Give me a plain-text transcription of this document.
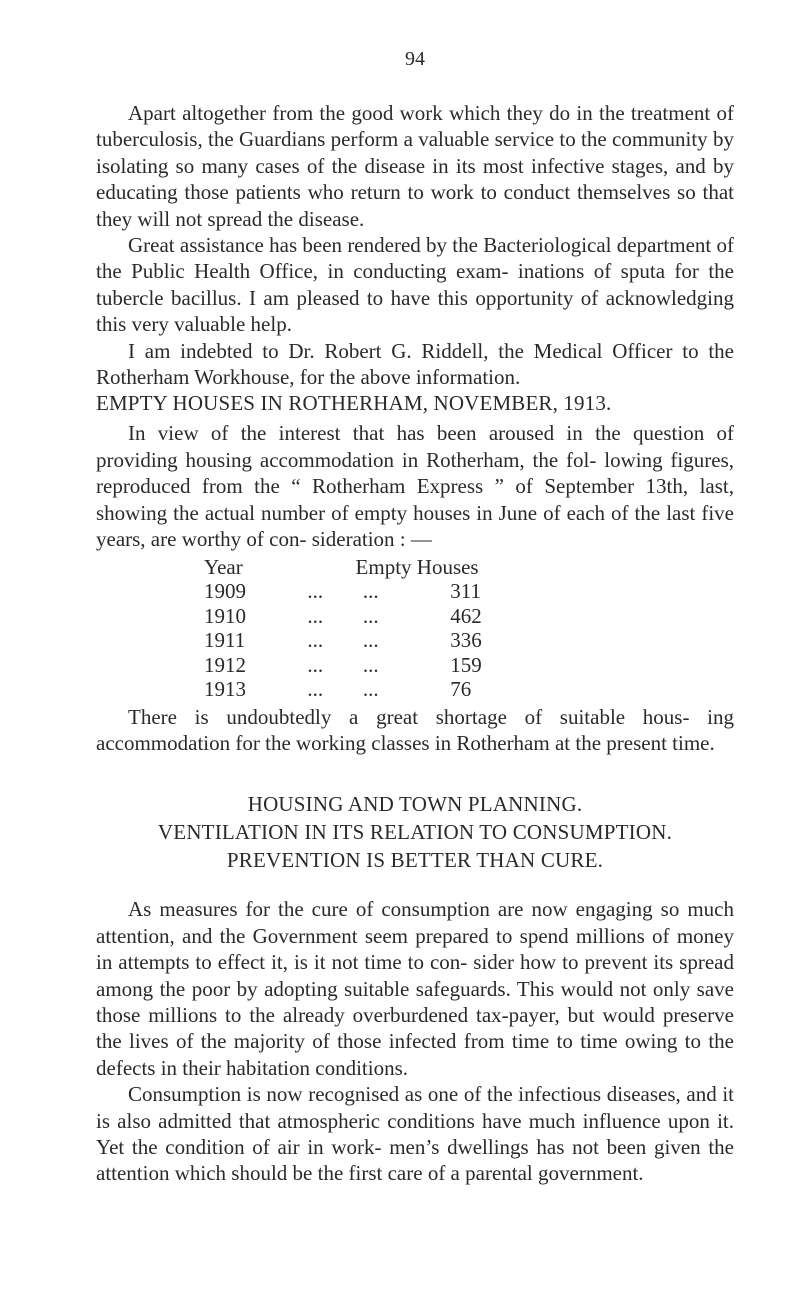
94

Apart altogether from the good work which they do in the treatment of tuberculosis, the Guardians perform a valuable service to the community by isolating so many cases of the disease in its most infective stages, and by educating those patients who return to work to conduct themselves so that they will not spread the disease.

Great assistance has been rendered by the Bacteriological department of the Public Health Office, in conducting exam- inations of sputa for the tubercle bacillus. I am pleased to have this opportunity of acknowledging this very valuable help.

I am indebted to Dr. Robert G. Riddell, the Medical Officer to the Rotherham Workhouse, for the above information.

EMPTY HOUSES IN ROTHERHAM, NOVEMBER, 1913.

In view of the interest that has been aroused in the question of providing housing accommodation in Rotherham, the fol- lowing figures, reproduced from the “ Rotherham Express ” of September 13th, last, showing the actual number of empty houses in June of each of the last five years, are worthy of con- sideration : —

Year	Empty Houses
1909	...	...	311
1910	...	...	462
1911	...	...	336
1912	...	...	159
1913	...	...	76

There is undoubtedly a great shortage of suitable hous- ing accommodation for the working classes in Rotherham at the present time.

HOUSING AND TOWN PLANNING.
VENTILATION IN ITS RELATION TO CONSUMPTION.
PREVENTION IS BETTER THAN CURE.

As measures for the cure of consumption are now engaging so much attention, and the Government seem prepared to spend millions of money in attempts to effect it, is it not time to con- sider how to prevent its spread among the poor by adopting suitable safeguards. This would not only save those millions to the already overburdened tax-payer, but would preserve the lives of the majority of those infected from time to time owing to the defects in their habitation conditions.

Consumption is now recognised as one of the infectious diseases, and it is also admitted that atmospheric conditions have much influence upon it. Yet the condition of air in work- men’s dwellings has not been given the attention which should be the first care of a parental government.
